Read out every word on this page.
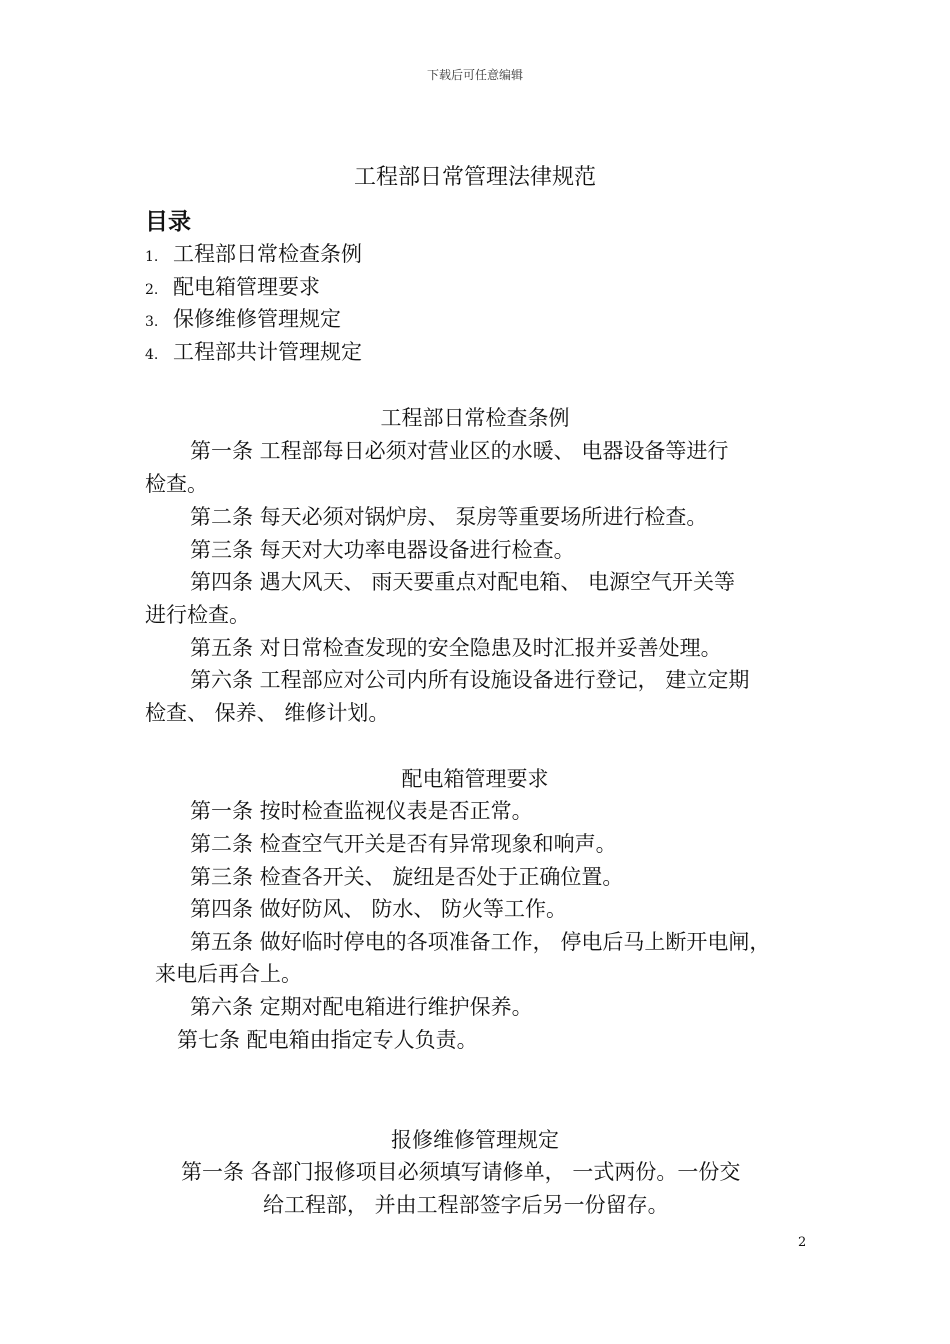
下载后可任意编辑
工程部日常管理法律规范
目录
1. 工程部日常检查条例
2. 配电箱管理要求
3. 保修维修管理规定
4. 工程部共计管理规定
工程部日常检查条例
第一条 工程部每日必须对营业区的水暖、 电器设备等进行
检查。
第二条 每天必须对锅炉房、 泵房等重要场所进行检查。
第三条 每天对大功率电器设备进行检查。
第四条 遇大风天、 雨天要重点对配电箱、 电源空气开关等
进行检查。
第五条 对日常检查发现的安全隐患及时汇报并妥善处理。
第六条 工程部应对公司内所有设施设备进行登记， 建立定期
检查、 保养、 维修计划。
配电箱管理要求
第一条 按时检查监视仪表是否正常。
第二条 检查空气开关是否有异常现象和响声。
第三条 检查各开关、 旋纽是否处于正确位置。
第四条 做好防风、 防水、 防火等工作。
第五条 做好临时停电的各项准备工作， 停电后马上断开电闸，
来电后再合上。
第六条 定期对配电箱进行维护保养。
第七条 配电箱由指定专人负责。
报修维修管理规定
第一条 各部门报修项目必须填写请修单， 一式两份。一份交
给工程部， 并由工程部签字后另一份留存。
2
